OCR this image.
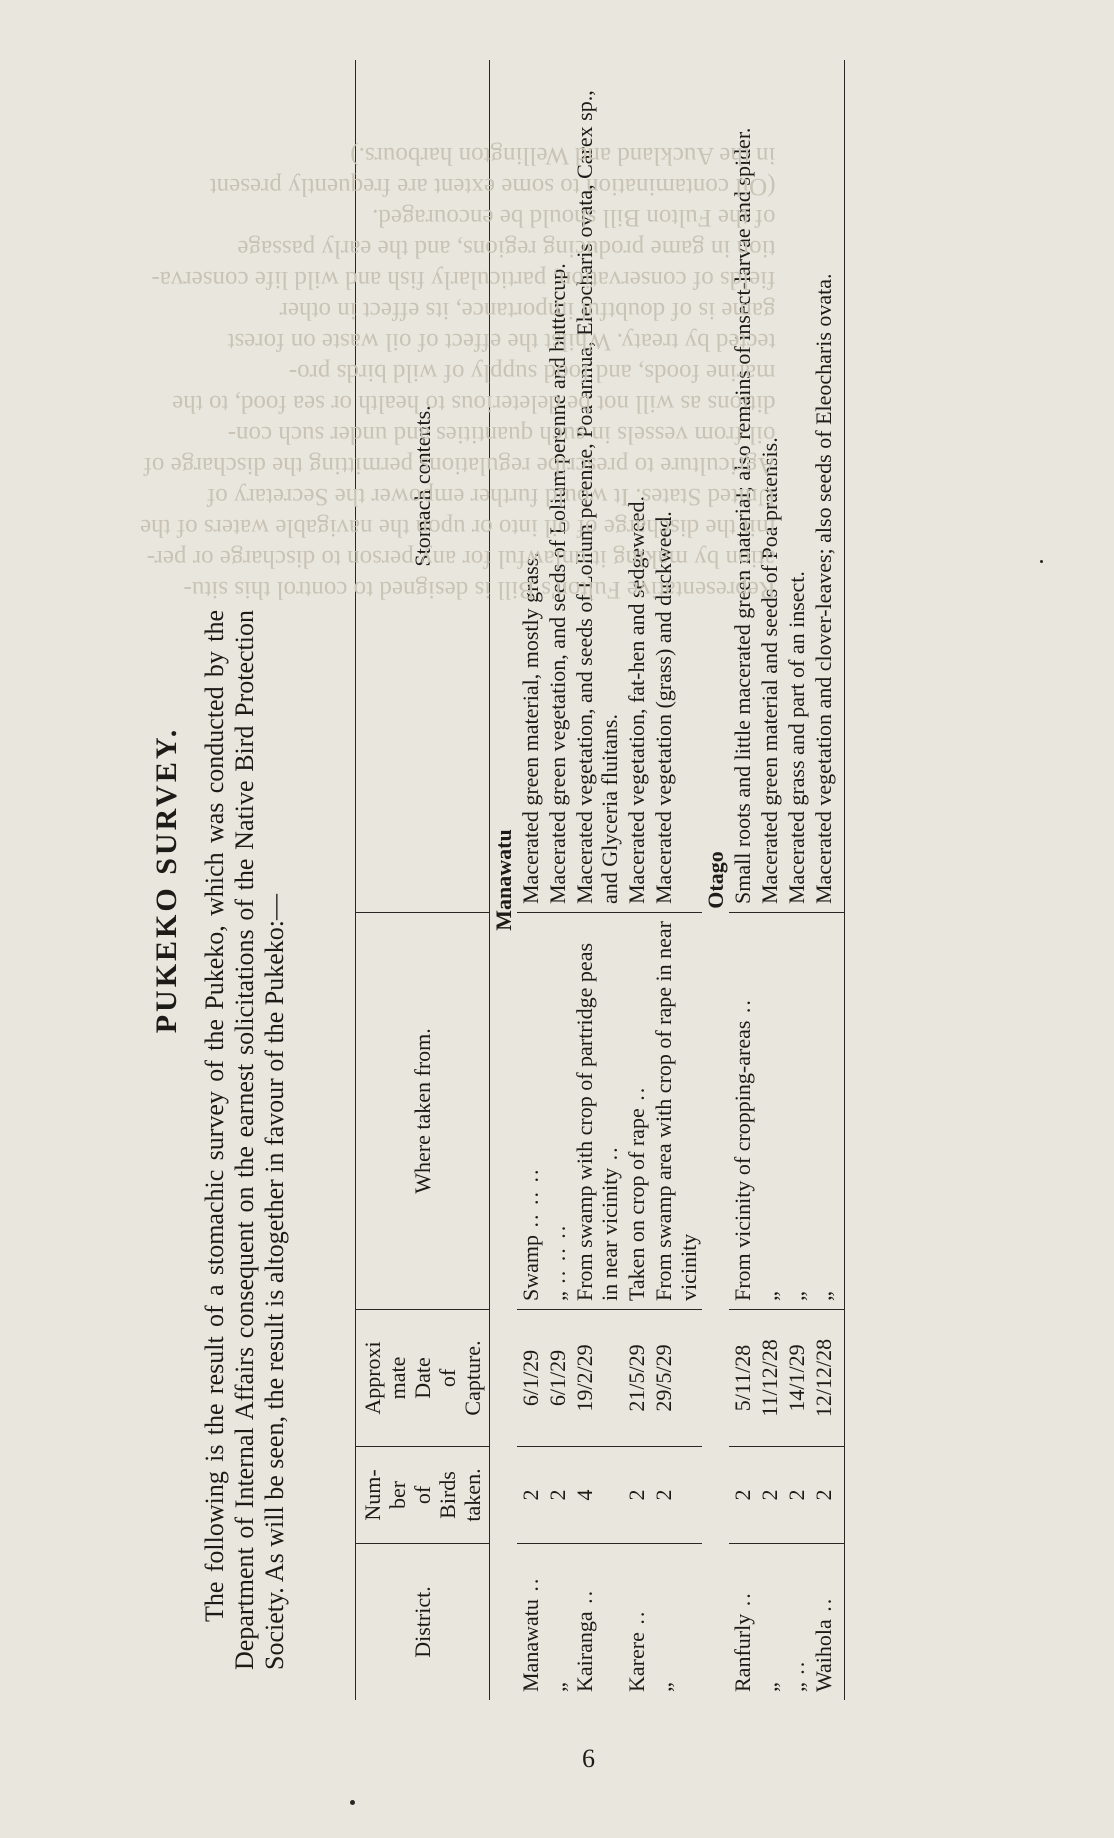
PUKEKO SURVEY. The following is the result of a stomachic survey of the Pukeko, which was conducted by the Department of Internal Affairs consequent on the earnest solicitations of the Native Bird Protection Society. As will be seen, the result is altogether in favour of the Pukeko:—	District.	Num-
ber
of
Birds
taken.	Approxi
mate
Date
of
Capture.	Where taken from.	Stomach contents.
Manawatu				
Manawatu ..	2	6/1/29	Swamp .. .. ..	Macerated green material, mostly grass.
„	2	6/1/29	„ .. .. ..	Macerated green vegetation, and seeds of Lolium perenne and buttercup.
Kairanga ..	4	19/2/29	From swamp with crop of partridge peas in near vicinity ..	Macerated vegetation, and seeds of Lolium perenne, Poa annua, Eleocharis ovata, Carex sp., and Glyceria fluitans.
Karere ..	2	21/5/29	Taken on crop of rape ..	Macerated vegetation, fat-hen and sedgeweed.
„	2	29/5/29	From swamp area with crop of rape in near vicinity	Macerated vegetation (grass) and duckweed.
Otago				
Ranfurly ..	2	5/11/28	From vicinity of cropping-areas ..	Small roots and little macerated green material; also remains of insect-larvae and spider.
„	2	11/12/28	„	Macerated green material and seeds of Poa pratensis.
„ ..	2	14/1/29	„	Macerated grass and part of an insect.
Waihola ..	2	12/12/28	„	Macerated vegetation and clover-leaves; also seeds of Eleocharis ovata.
Representative Fulton's Bill is designed to control this situ-
ation by making it unlawful for any person to discharge or per-
mit the discharge of oil into or upon the navigable waters of the
United States. It would further empower the Secretary of
Agriculture to prescribe regulations permitting the discharge of
oil from vessels in such quantities and under such con-
ditions as will not be deleterious to health or sea food, to the
marine foods, and food supply of wild birds pro-
tected by treaty. Whilst the effect of oil waste on forest
game is of doubtful importance, its effect in other
fields of conservation, particularly fish and wild life conserva-
tion in game producing regions, and the early passage
of the Fulton Bill should be encouraged.
(Oil contamination to some extent are frequently present
in the Auckland and Wellington harbours.)
6
